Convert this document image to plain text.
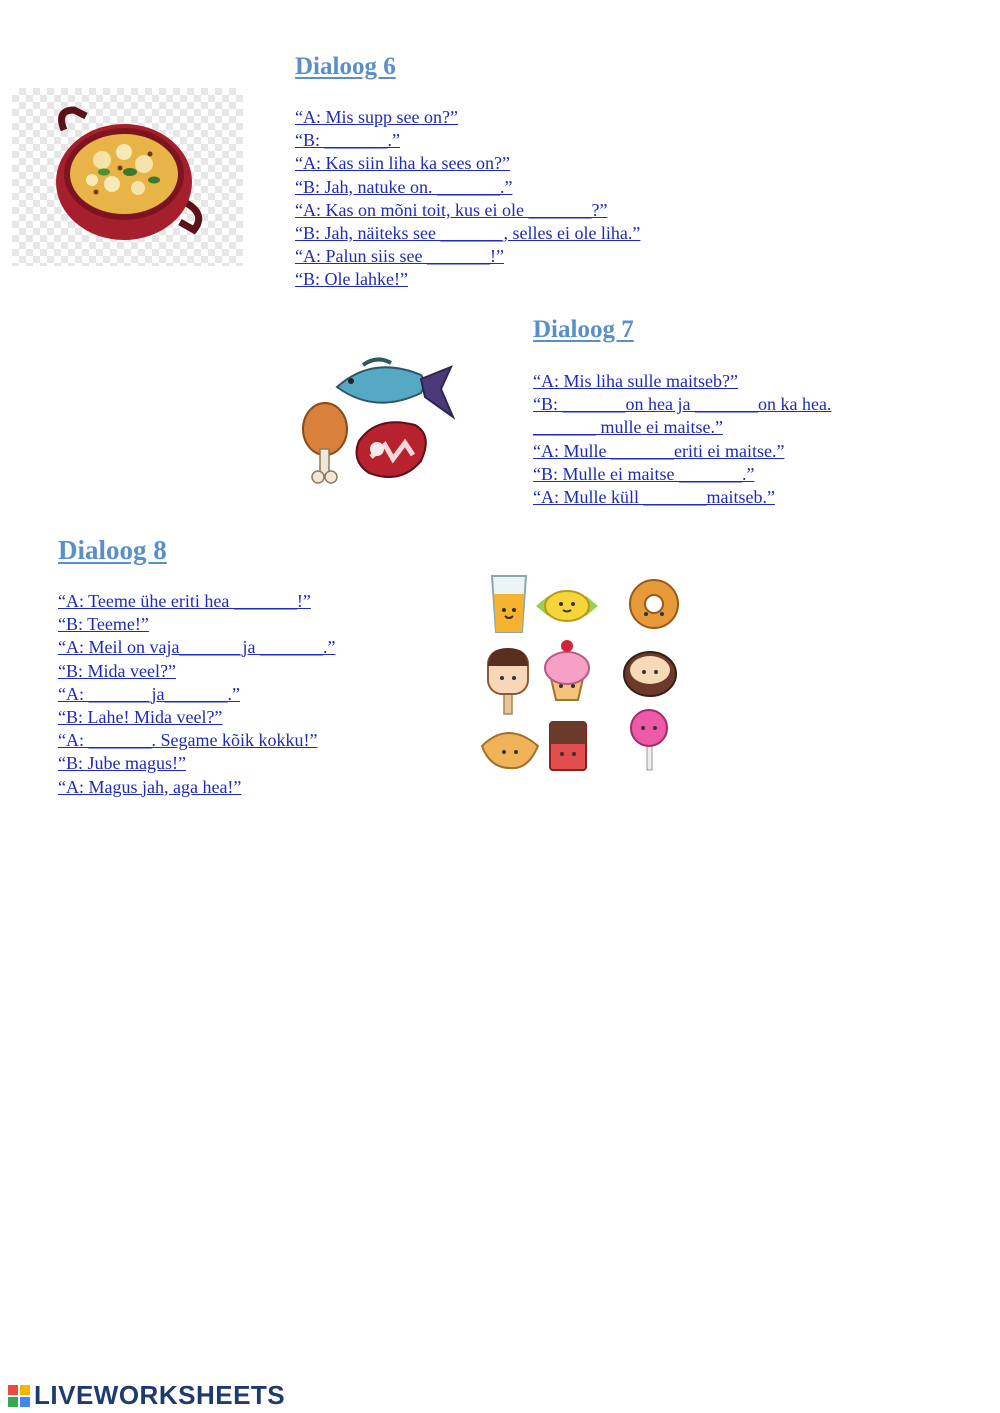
Dialoog 6
“A: Mis supp see on?”
“B: _______.”
“A: Kas siin liha ka sees on?”
“B: Jah, natuke on. _______.”
“A: Kas on mõni toit, kus ei ole _______?”
“B: Jah, näiteks see _______, selles ei ole liha.”
“A: Palun siis see _______!”
“B: Ole lahke!”
Dialoog 7
“A: Mis liha sulle maitseb?”
“B: _______on hea ja _______on ka hea.
_______ mulle ei maitse.”
“A: Mulle _______eriti ei maitse.”
“B: Mulle ei maitse _______.”
“A: Mulle küll _______maitseb.”
Dialoog 8
“A: Teeme ühe eriti hea _______!”
“B: Teeme!”
“A: Meil on vaja_______ja _______.”
“B: Mida veel?”
“A: _______ja_______.”
“B: Lahe! Mida veel?”
“A: _______. Segame kõik kokku!”
“B: Jube magus!”
“A: Magus jah, aga hea!”
LIVEWORKSHEETS
